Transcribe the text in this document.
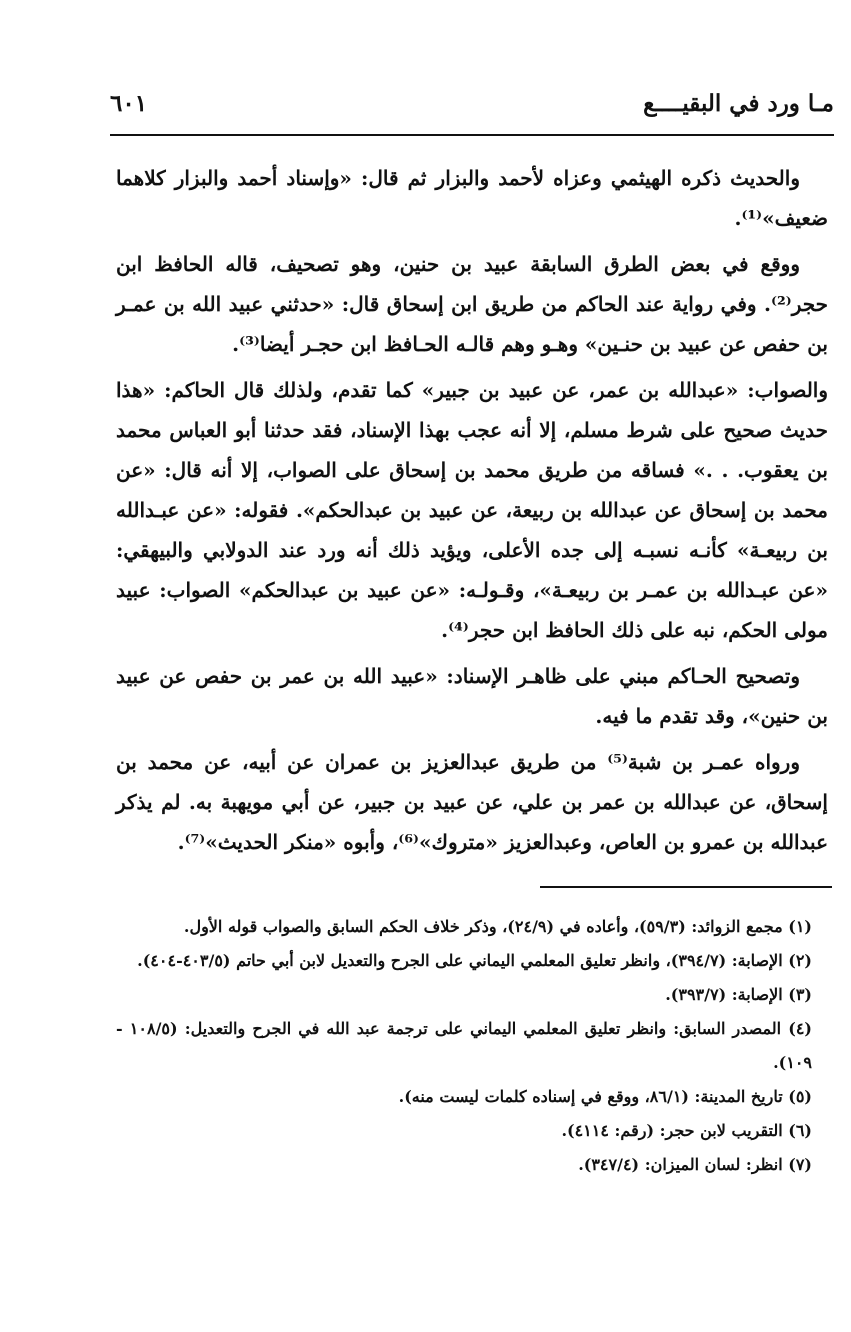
مـا ورد في البقيــــع
٦٠١

والحديث ذكره الهيثمي وعزاه لأحمد والبزار ثم قال: «وإسناد أحمد والبزار كلاهما ضعيف»⁽¹⁾.

ووقع في بعض الطرق السابقة عبيد بن حنين، وهو تصحيف، قاله الحافظ ابن حجر⁽²⁾. وفي رواية عند الحاكم من طريق ابن إسحاق قال: «حدثني عبيد الله بن عمـر بن حفص عن عبيد بن حنـين» وهـو وهم قالـه الحـافظ ابن حجـر أيضا⁽³⁾.

والصواب: «عبدالله بن عمر، عن عبيد بن جبير» كما تقدم، ولذلك قال الحاكم: «هذا حديث صحيح على شرط مسلم، إلا أنه عجب بهذا الإسناد، فقد حدثنا أبو العباس محمد بن يعقوب. . .» فساقه من طريق محمد بن إسحاق على الصواب، إلا أنه قال: «عن محمد بن إسحاق عن عبدالله بن ربيعة، عن عبيد بن عبدالحكم». فقوله: «عن عبـدالله بن ربيعـة» كأنـه نسبـه إلى جده الأعلى، ويؤيد ذلك أنه ورد عند الدولابي والبيهقي: «عن عبـدالله بن عمـر بن ربيعـة»، وقـولـه: «عن عبيد بن عبدالحكم» الصواب: عبيد مولى الحكم، نبه على ذلك الحافظ ابن حجر⁽⁴⁾.

وتصحيح الحـاكم مبني على ظاهـر الإسناد: «عبيد الله بن عمر بن حفص عن عبيد بن حنين»، وقد تقدم ما فيه.

ورواه عمـر بن شبة⁽⁵⁾ من طريق عبدالعزيز بن عمران عن أبيه، عن محمد بن إسحاق، عن عبدالله بن عمر بن علي، عن عبيد بن جبير، عن أبي مويهبة به. لم يذكر عبدالله بن عمرو بن العاص، وعبدالعزيز «متروك»⁽⁶⁾، وأبوه «منكر الحديث»⁽⁷⁾.

(١) مجمع الزوائد: (٥٩/٣)، وأعاده في (٢٤/٩)، وذكر خلاف الحكم السابق والصواب قوله الأول.

(٢) الإصابة: (٣٩٤/٧)، وانظر تعليق المعلمي اليماني على الجرح والتعديل لابن أبي حاتم (٤٠٣/٥-٤٠٤).

(٣) الإصابة: (٣٩٣/٧).

(٤) المصدر السابق: وانظر تعليق المعلمي اليماني على ترجمة عبد الله في الجرح والتعديل: (١٠٨/٥ - ١٠٩).

(٥) تاريخ المدينة: (٨٦/١، ووقع في إسناده كلمات ليست منه).

(٦) التقريب لابن حجر: (رقم: ٤١١٤).

(٧) انظر: لسان الميزان: (٣٤٧/٤).
